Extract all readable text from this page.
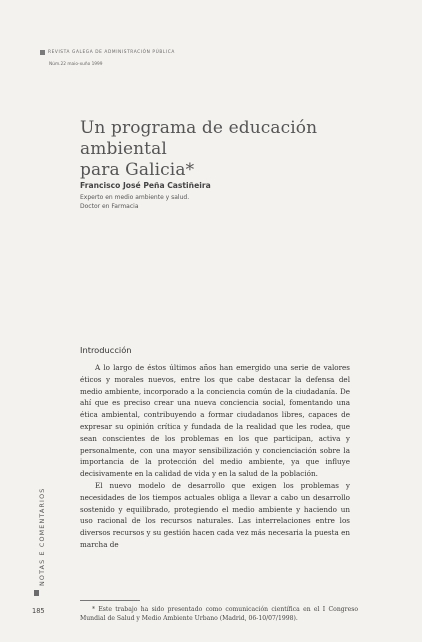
REVISTA GALEGA DE ADMINISTRACIÓN PÚBLICA
Núm.22 maio-xuño 1999
Un programa de educación ambiental
para Galicia*
Francisco José Peña Castiñeira
Experto en medio ambiente y salud.
Doctor en Farmacia
Introducción

A lo largo de éstos últimos años han emergido una serie de valores éticos y morales nuevos, entre los que cabe destacar la defensa del medio ambiente, incorporado a la conciencia común de la ciudadanía. De ahí que es preciso crear una nueva conciencia social, fomentando una ética ambiental, contribuyendo a formar ciudadanos libres, capaces de expresar su opinión crítica y fundada de la realidad que les rodea, que sean conscientes de los problemas en los que participan, activa y personalmente, con una mayor sensibilización y concienciación sobre la importancia de la protección del medio ambiente, ya que influye decisivamente en la calidad de vida y en la salud de la población.

El nuevo modelo de desarrollo que exigen los problemas y necesidades de los tiempos actuales obliga a llevar a cabo un desarrollo sostenido y equilibrado, protegiendo el medio ambiente y haciendo un uso racional de los recursos naturales. Las interrelaciones entre los diversos recursos y su gestión hacen cada vez más necesaria la puesta en marcha de

* Este trabajo ha sido presentado como comunicación científica en el I Congreso Mundial de Salud y Medio Ambiente Urbano (Madrid, 06-10/07/1998).

NOTAS E COMENTARIOS
185
